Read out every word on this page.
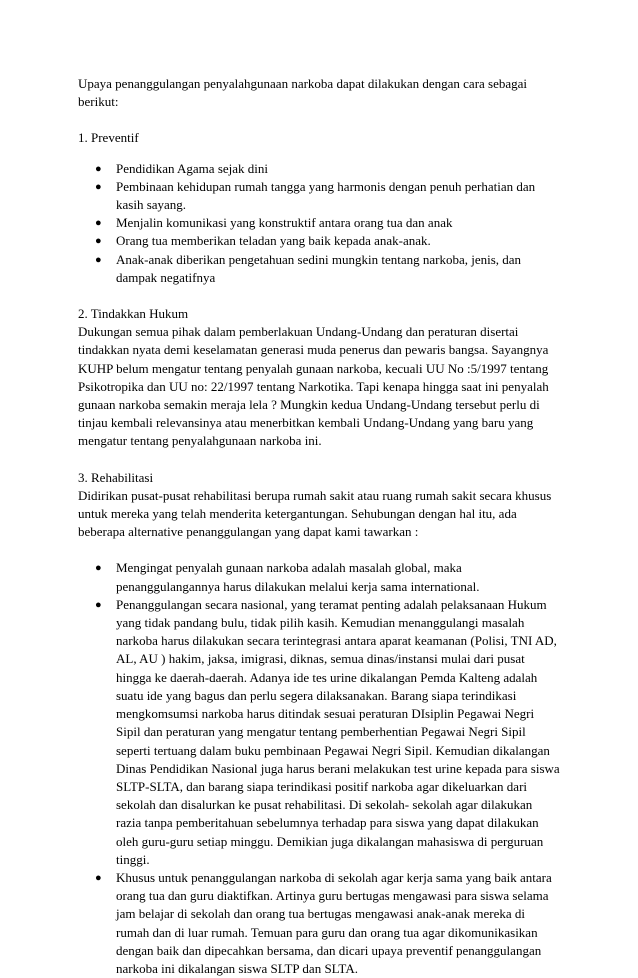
Upaya penanggulangan penyalahgunaan narkoba dapat dilakukan dengan cara sebagai berikut:

1. Preventif

● Pendidikan Agama sejak dini
● Pembinaan kehidupan rumah tangga yang harmonis dengan penuh perhatian dan kasih sayang.
● Menjalin komunikasi yang konstruktif antara orang tua dan anak
● Orang tua memberikan teladan yang baik kepada anak-anak.
● Anak-anak diberikan pengetahuan sedini mungkin tentang narkoba, jenis, dan dampak negatifnya

2. Tindakkan Hukum

Dukungan semua pihak dalam pemberlakuan Undang-Undang dan peraturan disertai tindakkan nyata demi keselamatan generasi muda penerus dan pewaris bangsa. Sayangnya KUHP belum mengatur tentang penyalah gunaan narkoba, kecuali UU No :5/1997 tentang Psikotropika dan UU no: 22/1997 tentang Narkotika. Tapi kenapa hingga saat ini penyalah gunaan narkoba semakin meraja lela ? Mungkin kedua Undang-Undang tersebut perlu di tinjau kembali relevansinya atau menerbitkan kembali Undang-Undang yang baru yang mengatur tentang penyalahgunaan narkoba ini.

3. Rehabilitasi

Didirikan pusat-pusat rehabilitasi berupa rumah sakit atau ruang rumah sakit secara khusus untuk mereka yang telah menderita ketergantungan. Sehubungan dengan hal itu, ada beberapa alternative penanggulangan yang dapat kami tawarkan :

● Mengingat penyalah gunaan narkoba adalah masalah global, maka penanggulangannya harus dilakukan melalui kerja sama international.
● Penanggulangan secara nasional, yang teramat penting adalah pelaksanaan Hukum yang tidak pandang bulu, tidak pilih kasih. Kemudian menanggulangi masalah narkoba harus dilakukan secara terintegrasi antara aparat keamanan (Polisi, TNI AD, AL, AU ) hakim, jaksa, imigrasi, diknas, semua dinas/instansi mulai dari pusat hingga ke daerah-daerah. Adanya ide tes urine dikalangan Pemda Kalteng adalah suatu ide yang bagus dan perlu segera dilaksanakan. Barang siapa terindikasi mengkomsumsi narkoba harus ditindak sesuai peraturan DIsiplin Pegawai Negri Sipil dan peraturan yang mengatur tentang pemberhentian Pegawai Negri Sipil seperti tertuang dalam buku pembinaan Pegawai Negri Sipil. Kemudian dikalangan Dinas Pendidikan Nasional juga harus berani melakukan test urine kepada para siswa SLTP-SLTA, dan barang siapa terindikasi positif narkoba agar dikeluarkan dari sekolah dan disalurkan ke pusat rehabilitasi. Di sekolah- sekolah agar dilakukan razia tanpa pemberitahuan sebelumnya terhadap para siswa yang dapat dilakukan oleh guru-guru setiap minggu. Demikian juga dikalangan mahasiswa di perguruan tinggi.
● Khusus untuk penanggulangan narkoba di sekolah agar kerja sama yang baik antara orang tua dan guru diaktifkan. Artinya guru bertugas mengawasi para siswa selama jam belajar di sekolah dan orang tua bertugas mengawasi anak-anak mereka di rumah dan di luar rumah. Temuan para guru dan orang tua agar dikomunikasikan dengan baik dan dipecahkan bersama, dan dicari upaya preventif penanggulangan narkoba ini dikalangan siswa SLTP dan SLTA.
